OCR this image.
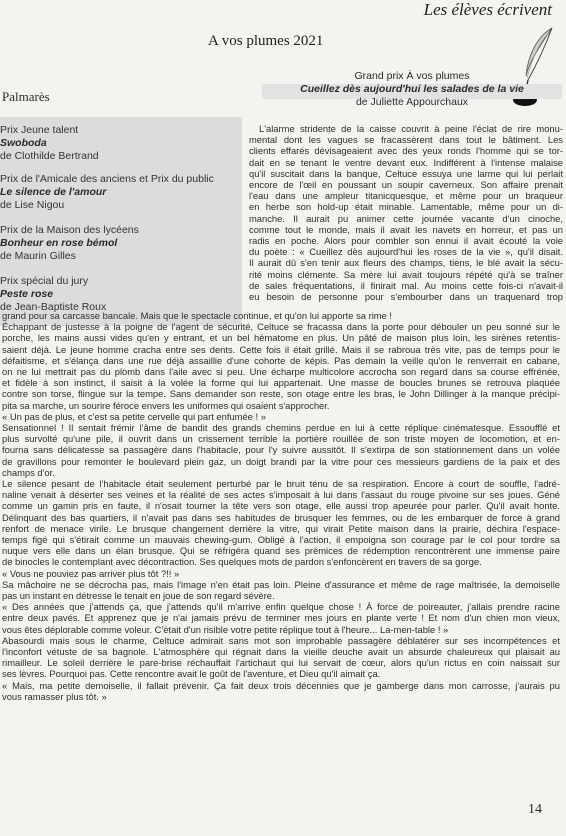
Les élèves écrivent
A vos plumes 2021
Palmarès
Prix Jeune talent
Swoboda
de Clothilde Bertrand
Prix de l'Amicale des anciens et Prix du public
Le silence de l'amour
de Lise Nigou
Prix de la Maison des lycéens
Bonheur en rose bémol
de Maurin Gilles
Prix spécial du jury
Peste rose
de Jean-Baptiste Roux
Grand prix À vos plumes
Cueillez dès aujourd'hui les salades de la vie
de Juliette Appourchaux
L'alarme stridente de la caisse couvrit à peine l'éclat de rire monu-
mental dont les vagues se fracassèrent dans tout le bâtiment. Les
clients effarés dévisageaient avec des yeux ronds l'homme qui se tor-
dait en se tenant le ventre devant eux. Indifférent à l'intense malaise
qu'il suscitait dans la banque, Celtuce essuya une larme qui lui perlait
encore de l'œil en poussant un soupir caverneux. Son affaire prenait
l'eau dans une ampleur titanicquesque, et même pour un braqueur
en herbe son hold-up était minable. Lamentable, même pour un di-
manche. Il aurait pu animer cette journée vacante d'un cinoche,
comme tout le monde, mais il avait les navets en horreur, et pas un
radis en poche. Alors pour combler son ennui il avait écouté la voie
du poète : « Cueillez dès aujourd'hui les roses de la vie », qu'il disait.
Il aurait dû s'en tenir aux fleurs des champs, tiens, le blé avait la sécu-
rité moins clémente. Sa mère lui avait toujours répété qu'à se traîner
de sales fréquentations, il finirait mal. Au moins cette fois-ci n'avait-il
eu besoin de personne pour s'embourber dans un traquenard trop
grand pour sa carcasse bancale. Mais que le spectacle continue, et qu'on lui apporte sa rime !
Échappant de justesse à la poigne de l'agent de sécurité, Celtuce se fracassa dans la porte pour débouler un peu sonné sur le
porche, les mains aussi vides qu'en y entrant, et un bel hématome en plus. Un pâté de maison plus loin, les sirènes retentis-
saient déjà. Le jeune homme cracha entre ses dents. Cette fois il était grillé. Mais il se rabroua très vite, pas de temps pour le
défaitisme, et s'élança dans une rue déjà assaillie d'une cohorte de képis. Pas demain la veille qu'on le renverrait en cabane,
on ne lui mettrait pas du plomb dans l'aile avec si peu. Une écharpe multicolore accrocha son regard dans sa course effrénée,
et fidèle à son instinct, il saisit à la volée la forme qui lui appartenait. Une masse de boucles brunes se retrouva plaquée
contre son torse, flingue sur la tempe. Sans demander son reste, son otage entre les bras, le John Dillinger à la manque précipi-
pita sa marche, un sourire féroce envers les uniformes qui osaient s'approcher.
« Un pas de plus, et c'est sa petite cervelle qui part enfumée ! »
Sensationnel ! Il sentait frémir l'âme de bandit des grands chemins perdue en lui à cette réplique cinématesque. Essoufflé et
plus survolté qu'une pile, il ouvrit dans un crissement terrible la portière rouillée de son triste moyen de locomotion, et en-
fourna sans délicatesse sa passagère dans l'habitacle, pour l'y suivre aussitôt. Il s'extirpa de son stationnement dans un volée
de gravillons pour remonter le boulevard plein gaz, un doigt brandi par la vitre pour ces messieurs gardiens de la paix et des
champs d'or.
Le silence pesant de l'habitacle était seulement perturbé par le bruit ténu de sa respiration. Encore à court de souffle, l'adré-
naline venait à déserter ses veines et la réalité de ses actes s'imposait à lui dans l'assaut du rouge pivoine sur ses joues. Géné
comme un gamin pris en faute, il n'osait tourner la tête vers son otage, elle aussi trop apeurée pour parler. Qu'il avait honte.
Délinquant des bas quartiers, il n'avait pas dans ses habitudes de brusquer les femmes, ou de les embarquer de force à grand
renfort de menace virile. Le brusque changement derrière la vitre, qui virait Petite maison dans la prairie, déchira l'espace-
temps figé qui s'étirait comme un mauvais chewing-gum. Obligé à l'action, il empoigna son courage par le col pour tordre sa
nuque vers elle dans un élan brusque. Qui se réfrigéra quand ses prémices de rédemption rencontrèrent une immense paire
de binocles le contemplant avec décontraction. Ses quelques mots de pardon s'enfoncèrent en travers de sa gorge.
« Vous ne pouviez pas arriver plus tôt ?!! »
Sa mâchoire ne se décrocha pas, mais l'image n'en était pas loin. Pleine d'assurance et même de rage maîtrisée, la demoiselle
pas un instant en détresse le tenait en joue de son regard sévère.
« Des années que j'attends ça, que j'attends qu'il m'arrive enfin quelque chose ! À force de poireauter, j'allais prendre racine
entre deux pavés. Et apprenez que je n'ai jamais prévu de terminer mes jours en plante verte ! Et nom d'un chien mon vieux,
vous êtes déplorable comme voleur. C'était d'un risible votre petite réplique tout à l'heure... La-men-table ! »
Abasourdi mais sous le charme, Celtuce admirait sans mot son improbable passagère déblatérer sur ses incompétences et
l'inconfort vétuste de sa bagnole. L'atmosphère qui régnait dans la vieille deuche avait un absurde chaleureux qui plaisait au
rimailleur. Le soleil derrière le pare-brise réchauffait l'artichaut qui lui servait de cœur, alors qu'un rictus en coin naissait sur
ses lèvres. Pourquoi pas. Cette rencontre avait le goût de l'aventure, et Dieu qu'il aimait ça.
« Mais, ma petite demoiselle, il fallait prévenir. Ça fait deux trois décennies que je gamberge dans mon carrosse, j'aurais pu
vous ramasser plus tôt. »
14
